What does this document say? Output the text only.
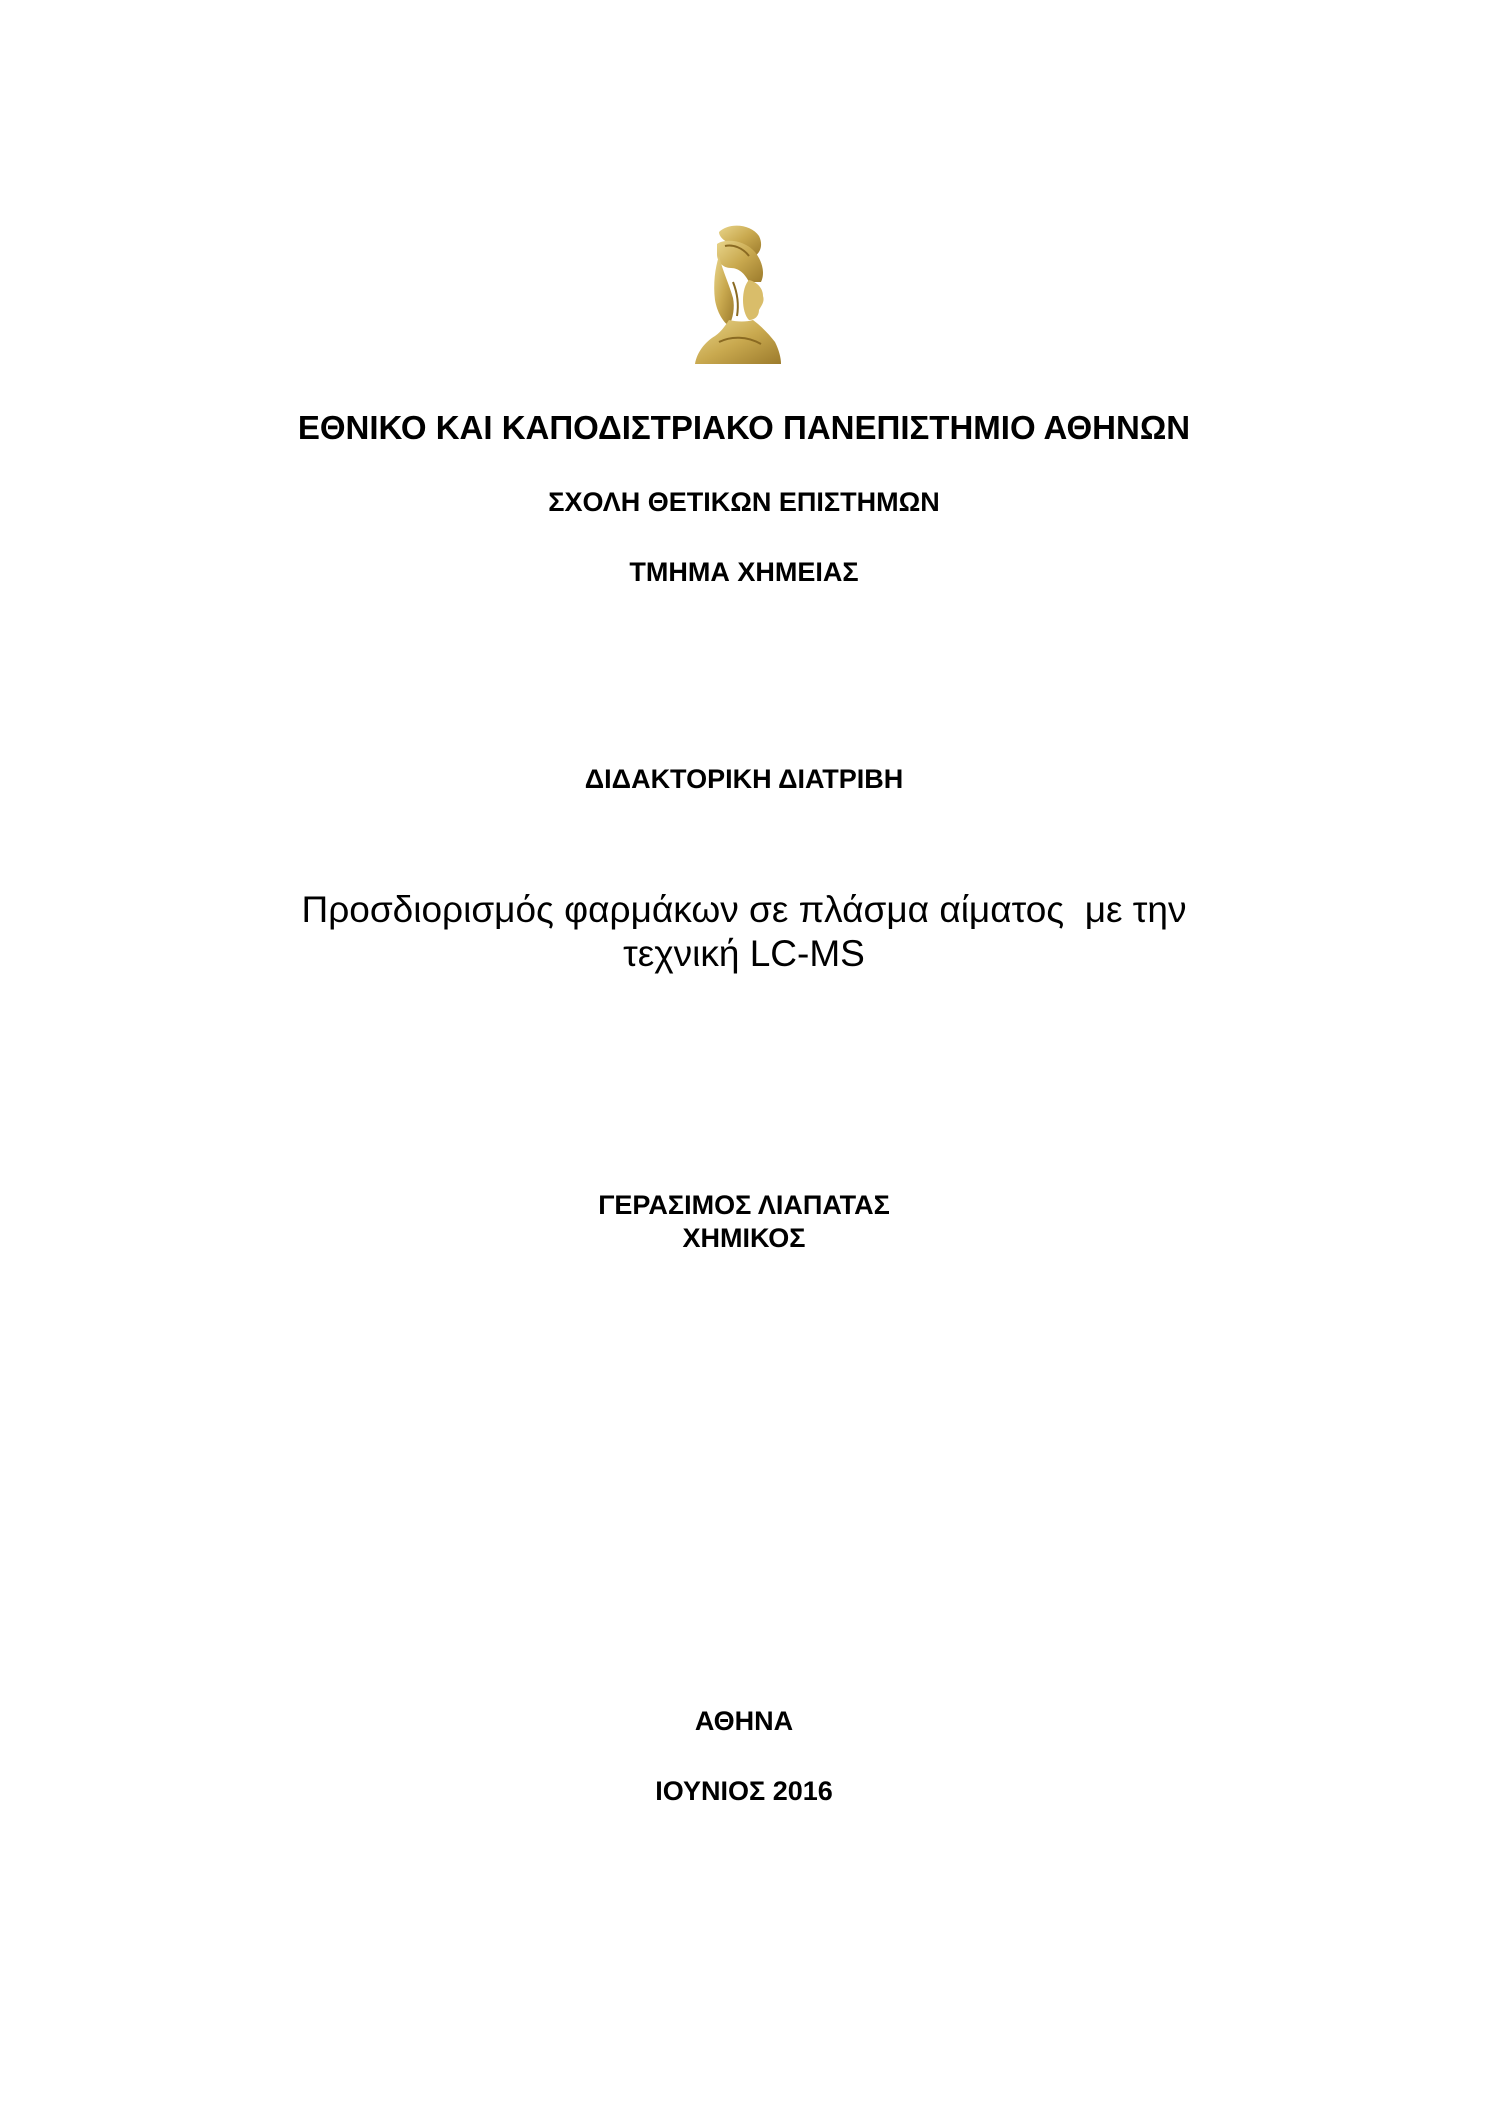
ΕΘΝΙΚΟ ΚΑΙ ΚΑΠΟΔΙΣΤΡΙΑΚΟ ΠΑΝΕΠΙΣΤΗΜΙΟ ΑΘΗΝΩΝ
ΣΧΟΛΗ ΘΕΤΙΚΩΝ ΕΠΙΣΤΗΜΩΝ
ΤΜΗΜΑ ΧΗΜΕΙΑΣ
ΔΙΔΑΚΤΟΡΙΚΗ ΔΙΑΤΡΙΒΗ
Προσδιορισμός φαρμάκων σε πλάσμα αίματος  με την
τεχνική LC-MS
ΓΕΡΑΣΙΜΟΣ ΛΙΑΠΑΤΑΣ
ΧΗΜΙΚΟΣ
ΑΘΗΝΑ
ΙΟΥΝΙΟΣ 2016
